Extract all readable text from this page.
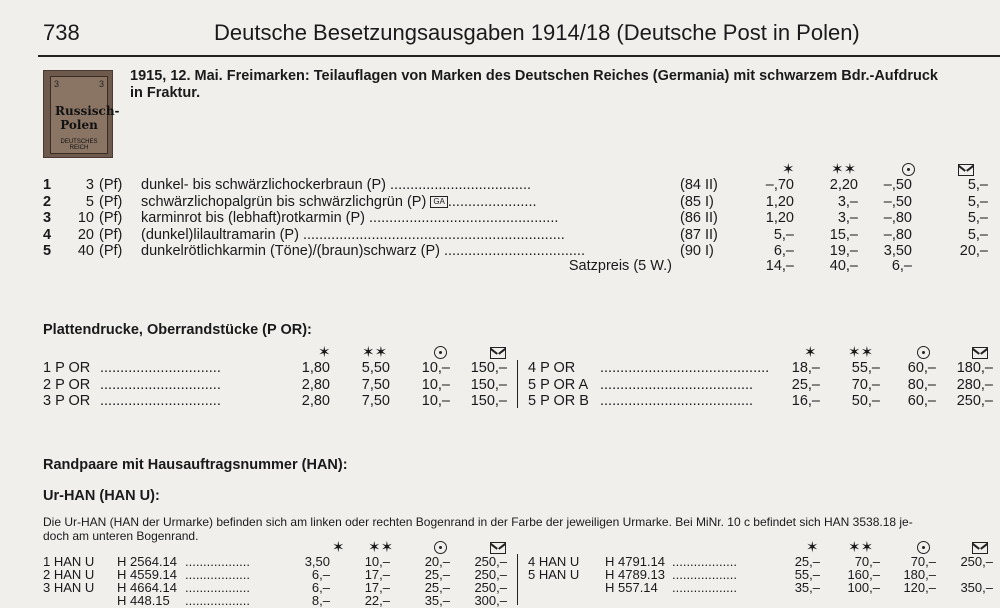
738	Deutsche Besetzungsausgaben 1914/18 (Deutsche Post in Polen)
3	3
Russisch-
Polen
DEUTSCHES REICH
1915, 12. Mai. Freimarken: Teilauflagen von Marken des Deutschen Reiches (Germania) mit schwarzem Bdr.-Aufdruck
in Fraktur.
✶ ✶✶
1	3 (Pf) dunkel- bis schwärzlichockerbraun (P) ...................................	(84 II)	–,70	2,20	–,50	5,–
2	5 (Pf) schwärzlichopalgrün bis schwärzlichgrün (P) GA ......................	(85 I)	1,20	3,–	–,50	5,–
3	10 (Pf) karminrot bis (lebhaft)rotkarmin (P) ...............................................	(86 II)	1,20	3,–	–,80	5,–
4	20 (Pf) (dunkel)lilaultramarin (P) .................................................................	(87 II)	5,–	15,–	–,80	5,–
5	40 (Pf) dunkelrötlichkarmin (Töne)/(braun)schwarz (P) ...................................	(90 I)	6,–	19,–	3,50	20,–
Satzpreis (5 W.)	14,–	40,–	6,–
Plattendrucke, Oberrandstücke (P OR):
✶ ✶✶	✶ ✶✶
1 P OR ..............................	1,80	5,50	10,–	150,–
2 P OR ..............................	2,80	7,50	10,–	150,–
3 P OR ..............................	2,80	7,50	10,–	150,–
4 P OR ..........................................	18,–	55,–	60,–	180,–
5 P OR A ......................................	25,–	70,–	80,–	280,–
5 P OR B ......................................	16,–	50,–	60,–	250,–
Randpaare mit Hausauftragsnummer (HAN):
Ur-HAN (HAN U):
Die Ur-HAN (HAN der Urmarke) befinden sich am linken oder rechten Bogenrand in der Farbe der jeweiligen Urmarke. Bei MiNr. 10 c befindet sich HAN 3538.18 je-
doch am unteren Bogenrand.
✶ ✶✶	✶ ✶✶
1 HAN U H 2564.14 ..................	3,50	10,–	20,–	250,–
2 HAN U H 4559.14 ..................	6,–	17,–	25,–	250,–
3 HAN U H 4664.14 ..................	6,–	17,–	25,–	250,–
H 448.15 ..................	8,–	22,–	35,–	300,–
4 HAN U H 4791.14 ..................	25,–	70,–	70,–	250,–
5 HAN U H 4789.13 ..................	55,–	160,–	180,–
H 557.14 ..................	35,–	100,–	120,–	350,–
